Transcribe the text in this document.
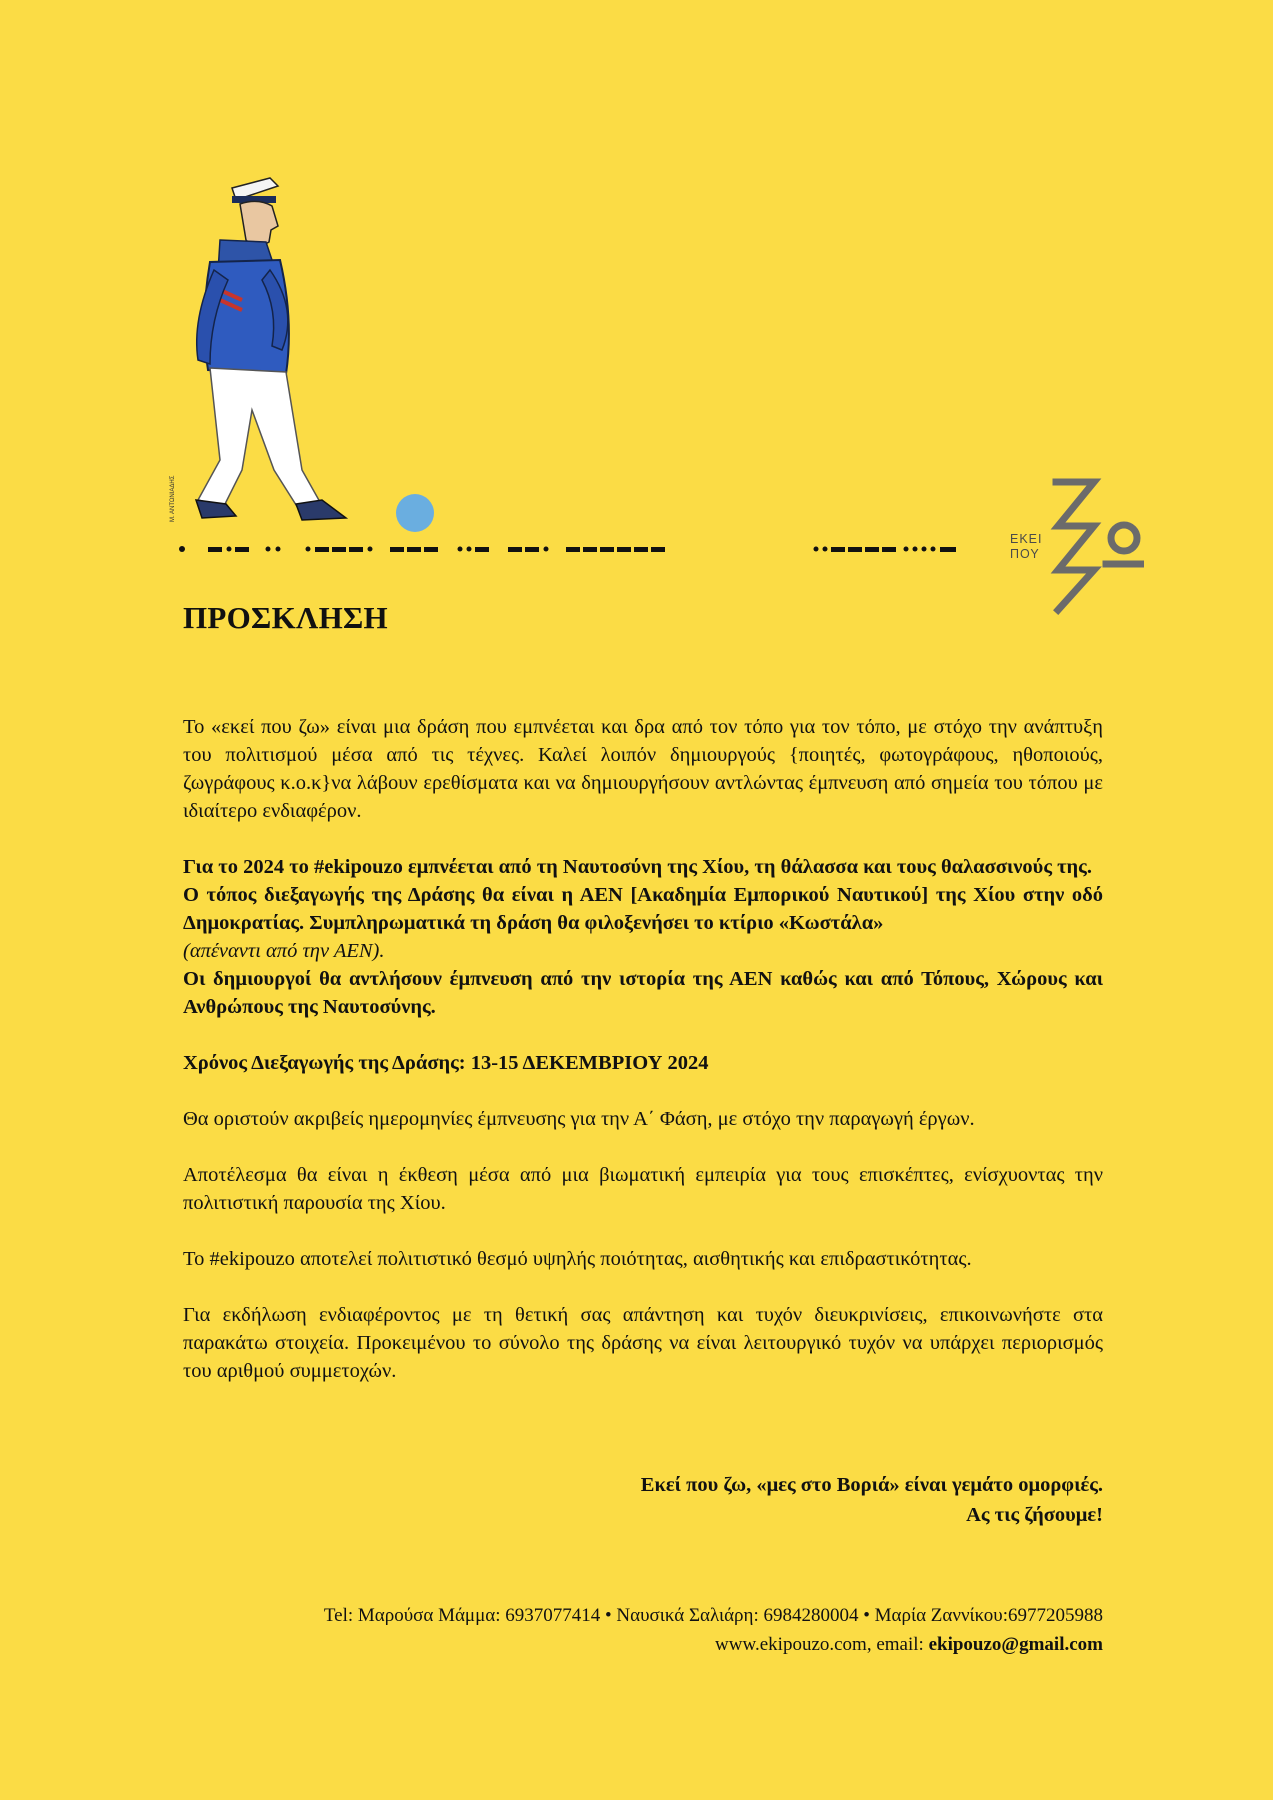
Μ. ΑΝΤΩΝΙΑΔΗΣ
ΕΚΕΙ
ΠΟΥ
ΠΡΟΣΚΛΗΣΗ

Το «εκεί που ζω» είναι μια δράση που εμπνέεται και δρα από τον τόπο για τον τόπο, με στόχο την ανάπτυξη του πολιτισμού μέσα από τις τέχνες. Καλεί λοιπόν δημιουργούς {ποιητές, φωτογράφους, ηθοποιούς, ζωγράφους κ.ο.κ}να λάβουν ερεθίσματα και να δημιουργήσουν αντλώντας έμπνευση από σημεία του τόπου με ιδιαίτερο ενδιαφέρον.

Για το 2024 το #ekipouzo εμπνέεται από τη Ναυτοσύνη της Χίου, τη θάλασσα και τους θαλασσινούς της.

Ο τόπος διεξαγωγής της Δράσης θα είναι η ΑΕΝ [Ακαδημία Εμπορικού Ναυτικού] της Χίου στην οδό Δημοκρατίας. Συμπληρωματικά τη δράση θα φιλοξενήσει το κτίριο «Κωστάλα»
(απέναντι από την ΑΕΝ).

Οι δημιουργοί θα αντλήσουν έμπνευση από την ιστορία της ΑΕΝ καθώς και από Τόπους, Χώρους και Ανθρώπους της Ναυτοσύνης.

Χρόνος Διεξαγωγής της Δράσης: 13-15 ΔΕΚΕΜΒΡΙΟΥ 2024

Θα οριστούν ακριβείς ημερομηνίες έμπνευσης για την Α΄ Φάση, με στόχο την παραγωγή έργων.

Αποτέλεσμα θα είναι η έκθεση μέσα από μια βιωματική εμπειρία για τους επισκέπτες, ενίσχυοντας την πολιτιστική παρουσία της Χίου.

Το #ekipouzo αποτελεί πολιτιστικό θεσμό υψηλής ποιότητας, αισθητικής και επιδραστικότητας.

Για εκδήλωση ενδιαφέροντος με τη θετική σας απάντηση και τυχόν διευκρινίσεις, επικοινωνήστε στα παρακάτω στοιχεία. Προκειμένου το σύνολο της δράσης να είναι λειτουργικό τυχόν να υπάρχει περιορισμός του αριθμού συμμετοχών.

Εκεί που ζω, «μες στο Βοριά» είναι γεμάτο ομορφιές.
Ας τις ζήσουμε!
Tel: Μαρούσα Μάμμα: 6937077414 • Ναυσικά Σαλιάρη: 6984280004 • Μαρία Ζαννίκου:6977205988
www.ekipouzo.com, email: ekipouzo@gmail.com
